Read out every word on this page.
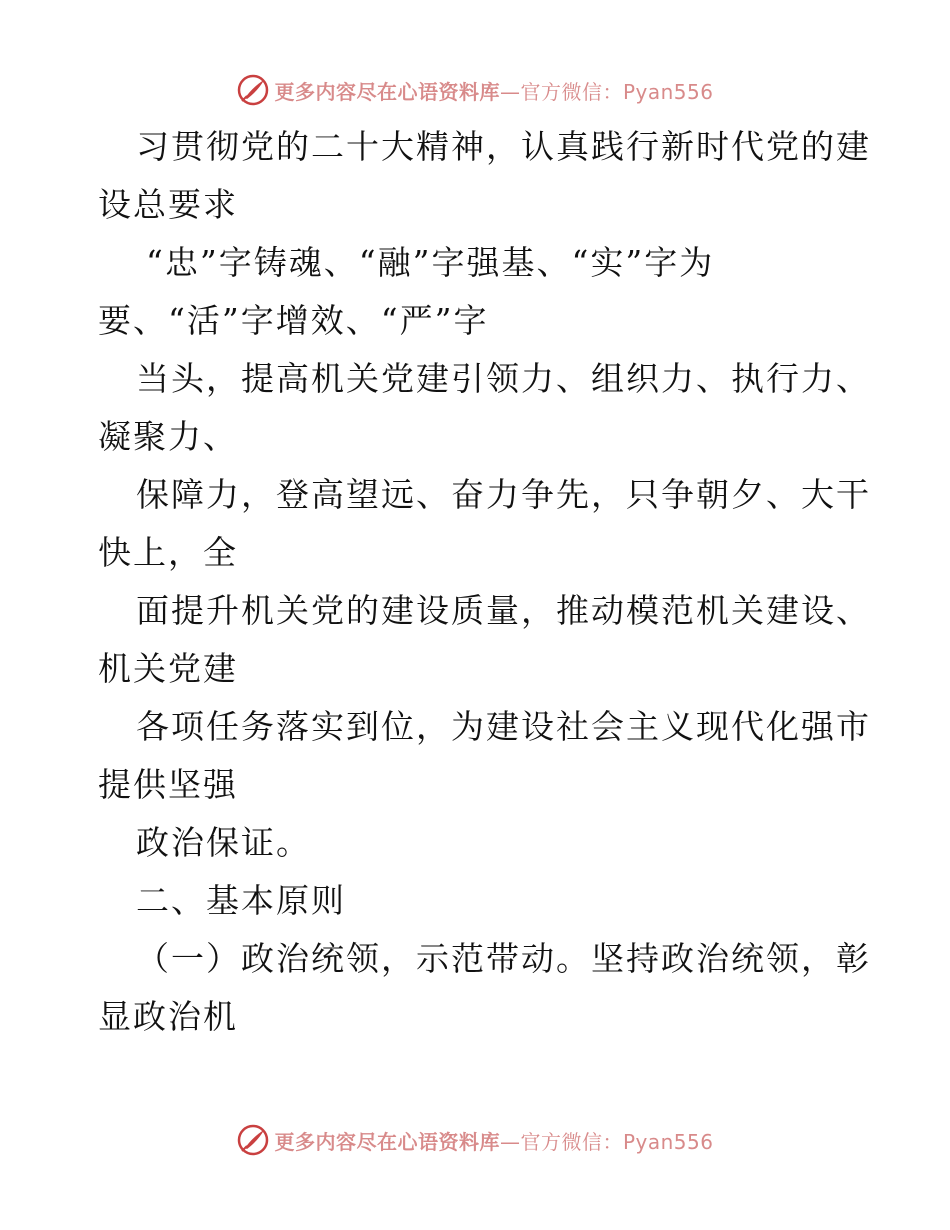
更多内容尽在心语资料库—官方微信：Pyan556
习贯彻党的二十大精神，认真践行新时代党的建
设总要求
“忠”字铸魂、“融”字强基、“实”字为
要、“活”字增效、“严”字
当头，提高机关党建引领力、组织力、执行力、
凝聚力、
保障力，登高望远、奋力争先，只争朝夕、大干
快上，全
面提升机关党的建设质量，推动模范机关建设、
机关党建
各项任务落实到位，为建设社会主义现代化强市
提供坚强
政治保证。
二、基本原则
（一）政治统领，示范带动。坚持政治统领，彰
显政治机
更多内容尽在心语资料库—官方微信：Pyan556
